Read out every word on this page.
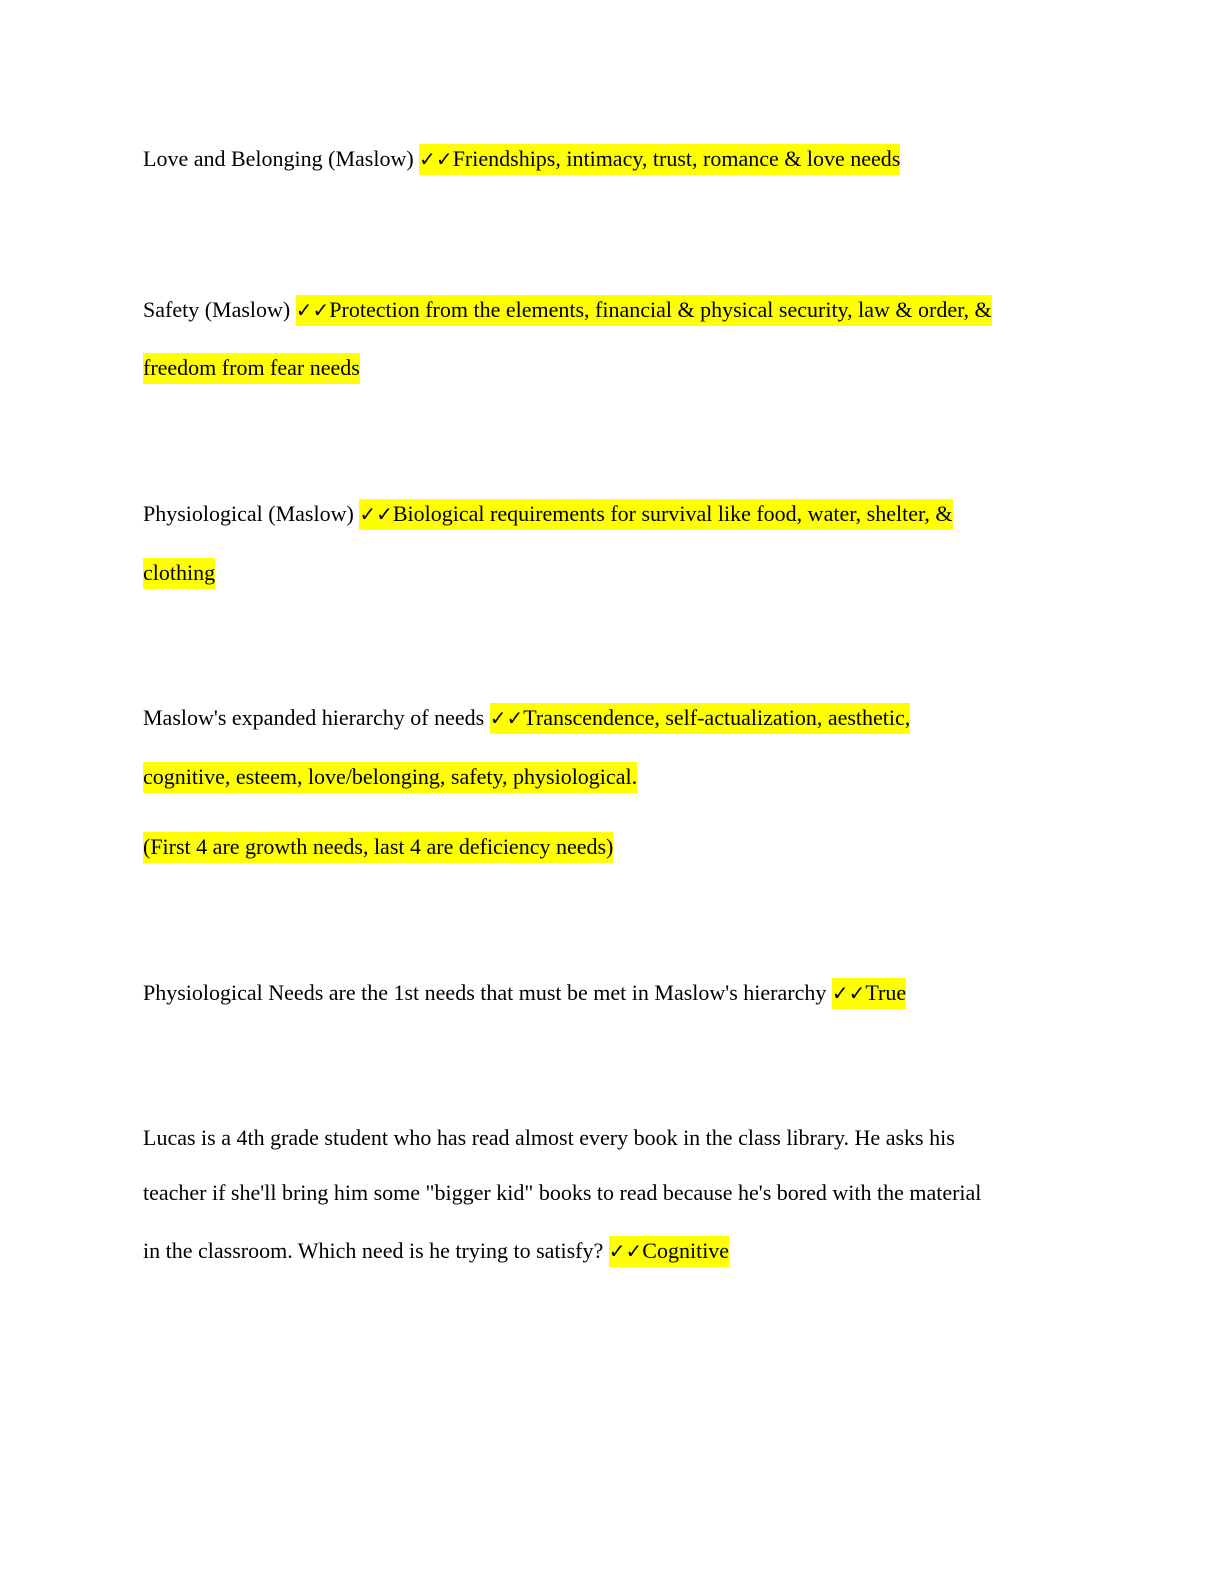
Love and Belonging (Maslow) ✓✓Friendships, intimacy, trust, romance & love needs

Safety (Maslow) ✓✓Protection from the elements, financial & physical security, law & order, &

freedom from fear needs

Physiological (Maslow) ✓✓Biological requirements for survival like food, water, shelter, &

clothing

Maslow's expanded hierarchy of needs ✓✓Transcendence, self-actualization, aesthetic,

cognitive, esteem, love/belonging, safety, physiological.

(First 4 are growth needs, last 4 are deficiency needs)

Physiological Needs are the 1st needs that must be met in Maslow's hierarchy ✓✓True

Lucas is a 4th grade student who has read almost every book in the class library. He asks his

teacher if she'll bring him some "bigger kid" books to read because he's bored with the material

in the classroom. Which need is he trying to satisfy? ✓✓Cognitive
